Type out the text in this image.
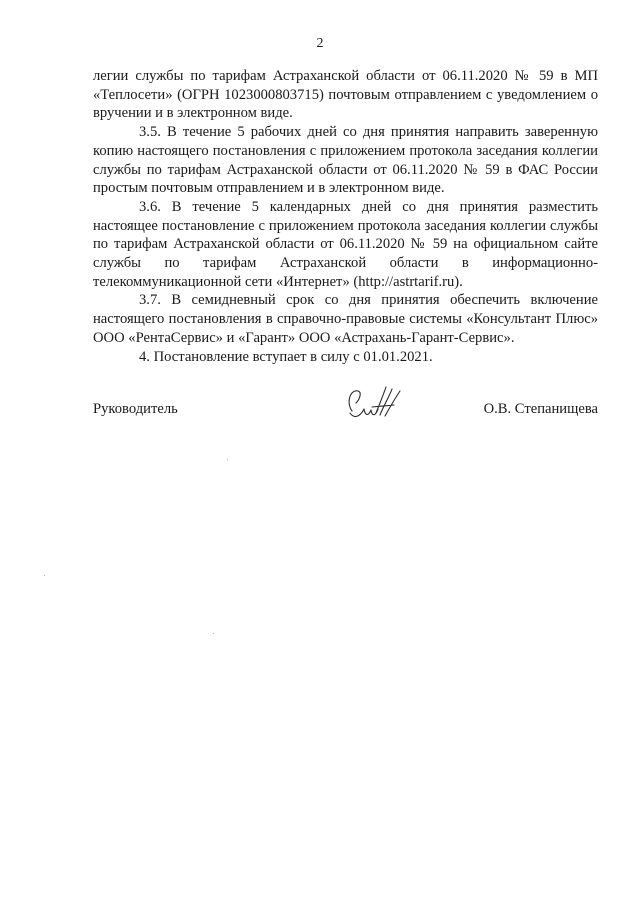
2

легии службы по тарифам Астраханской области от 06.11.2020 № 59 в МП «Теплосети» (ОГРН 1023000803715) почтовым отправлением с уведомлением о вручении и в электронном виде.

3.5. В течение 5 рабочих дней со дня принятия направить заверенную копию настоящего постановления с приложением протокола заседания коллегии службы по тарифам Астраханской области от 06.11.2020 № 59 в ФАС России простым почтовым отправлением и в электронном виде.

3.6. В течение 5 календарных дней со дня принятия разместить настоящее постановление с приложением протокола заседания коллегии службы по тарифам Астраханской области от 06.11.2020 № 59 на официальном сайте службы по тарифам Астраханской области в информационно-телекоммуникационной сети «Интернет» (http://astrtarif.ru).

3.7. В семидневный срок со дня принятия обеспечить включение настоящего постановления в справочно-правовые системы «Консультант Плюс» ООО «РентаСервис» и «Гарант» ООО «Астрахань-Гарант-Сервис».

4. Постановление вступает в силу с 01.01.2021.

Руководитель	О.В. Степанищева
